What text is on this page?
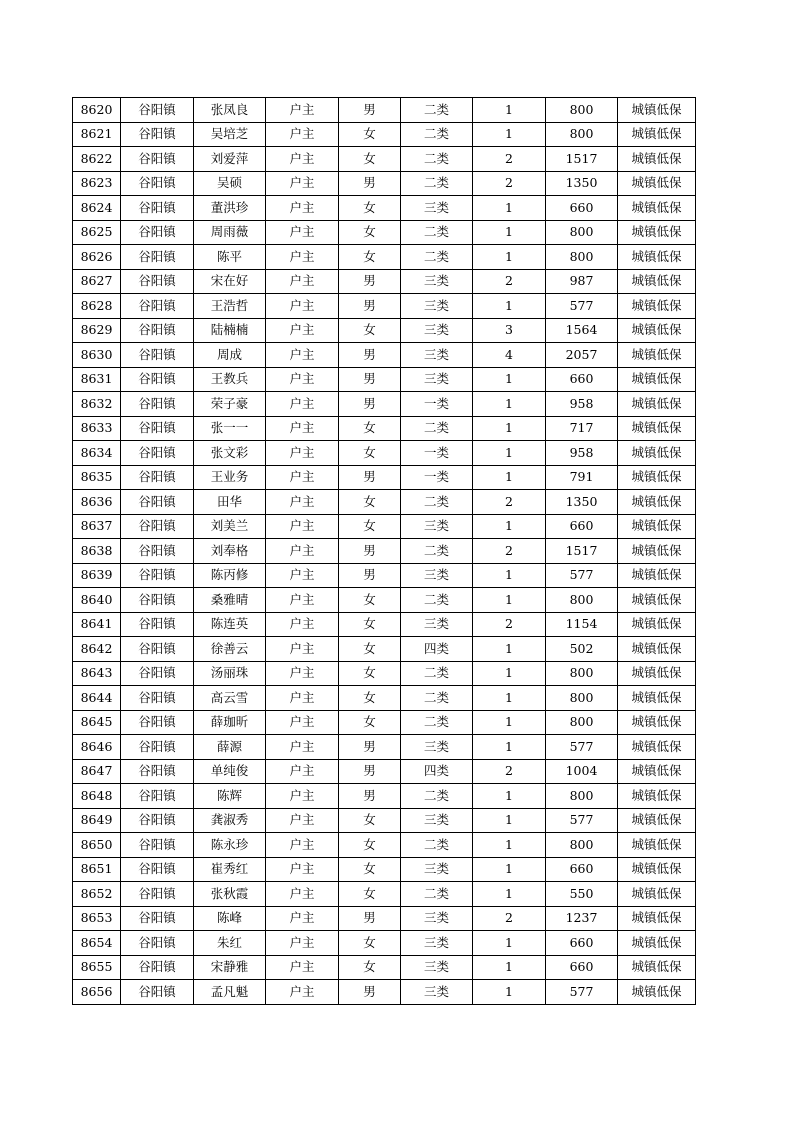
8620	谷阳镇	张凤良	户主	男	二类	1	800	城镇低保
8621	谷阳镇	吴培芝	户主	女	二类	1	800	城镇低保
8622	谷阳镇	刘爱萍	户主	女	二类	2	1517	城镇低保
8623	谷阳镇	吴硕	户主	男	二类	2	1350	城镇低保
8624	谷阳镇	董洪珍	户主	女	三类	1	660	城镇低保
8625	谷阳镇	周雨薇	户主	女	二类	1	800	城镇低保
8626	谷阳镇	陈平	户主	女	二类	1	800	城镇低保
8627	谷阳镇	宋在好	户主	男	三类	2	987	城镇低保
8628	谷阳镇	王浩哲	户主	男	三类	1	577	城镇低保
8629	谷阳镇	陆楠楠	户主	女	三类	3	1564	城镇低保
8630	谷阳镇	周成	户主	男	三类	4	2057	城镇低保
8631	谷阳镇	王教兵	户主	男	三类	1	660	城镇低保
8632	谷阳镇	荣子豪	户主	男	一类	1	958	城镇低保
8633	谷阳镇	张一一	户主	女	二类	1	717	城镇低保
8634	谷阳镇	张文彩	户主	女	一类	1	958	城镇低保
8635	谷阳镇	王业务	户主	男	一类	1	791	城镇低保
8636	谷阳镇	田华	户主	女	二类	2	1350	城镇低保
8637	谷阳镇	刘美兰	户主	女	三类	1	660	城镇低保
8638	谷阳镇	刘奉格	户主	男	二类	2	1517	城镇低保
8639	谷阳镇	陈丙修	户主	男	三类	1	577	城镇低保
8640	谷阳镇	桑雅晴	户主	女	二类	1	800	城镇低保
8641	谷阳镇	陈连英	户主	女	三类	2	1154	城镇低保
8642	谷阳镇	徐善云	户主	女	四类	1	502	城镇低保
8643	谷阳镇	汤丽珠	户主	女	二类	1	800	城镇低保
8644	谷阳镇	高云雪	户主	女	二类	1	800	城镇低保
8645	谷阳镇	薛珈昕	户主	女	二类	1	800	城镇低保
8646	谷阳镇	薛源	户主	男	三类	1	577	城镇低保
8647	谷阳镇	单纯俊	户主	男	四类	2	1004	城镇低保
8648	谷阳镇	陈辉	户主	男	二类	1	800	城镇低保
8649	谷阳镇	龚淑秀	户主	女	三类	1	577	城镇低保
8650	谷阳镇	陈永珍	户主	女	二类	1	800	城镇低保
8651	谷阳镇	崔秀红	户主	女	三类	1	660	城镇低保
8652	谷阳镇	张秋霞	户主	女	二类	1	550	城镇低保
8653	谷阳镇	陈峰	户主	男	三类	2	1237	城镇低保
8654	谷阳镇	朱红	户主	女	三类	1	660	城镇低保
8655	谷阳镇	宋静雅	户主	女	三类	1	660	城镇低保
8656	谷阳镇	孟凡魁	户主	男	三类	1	577	城镇低保
